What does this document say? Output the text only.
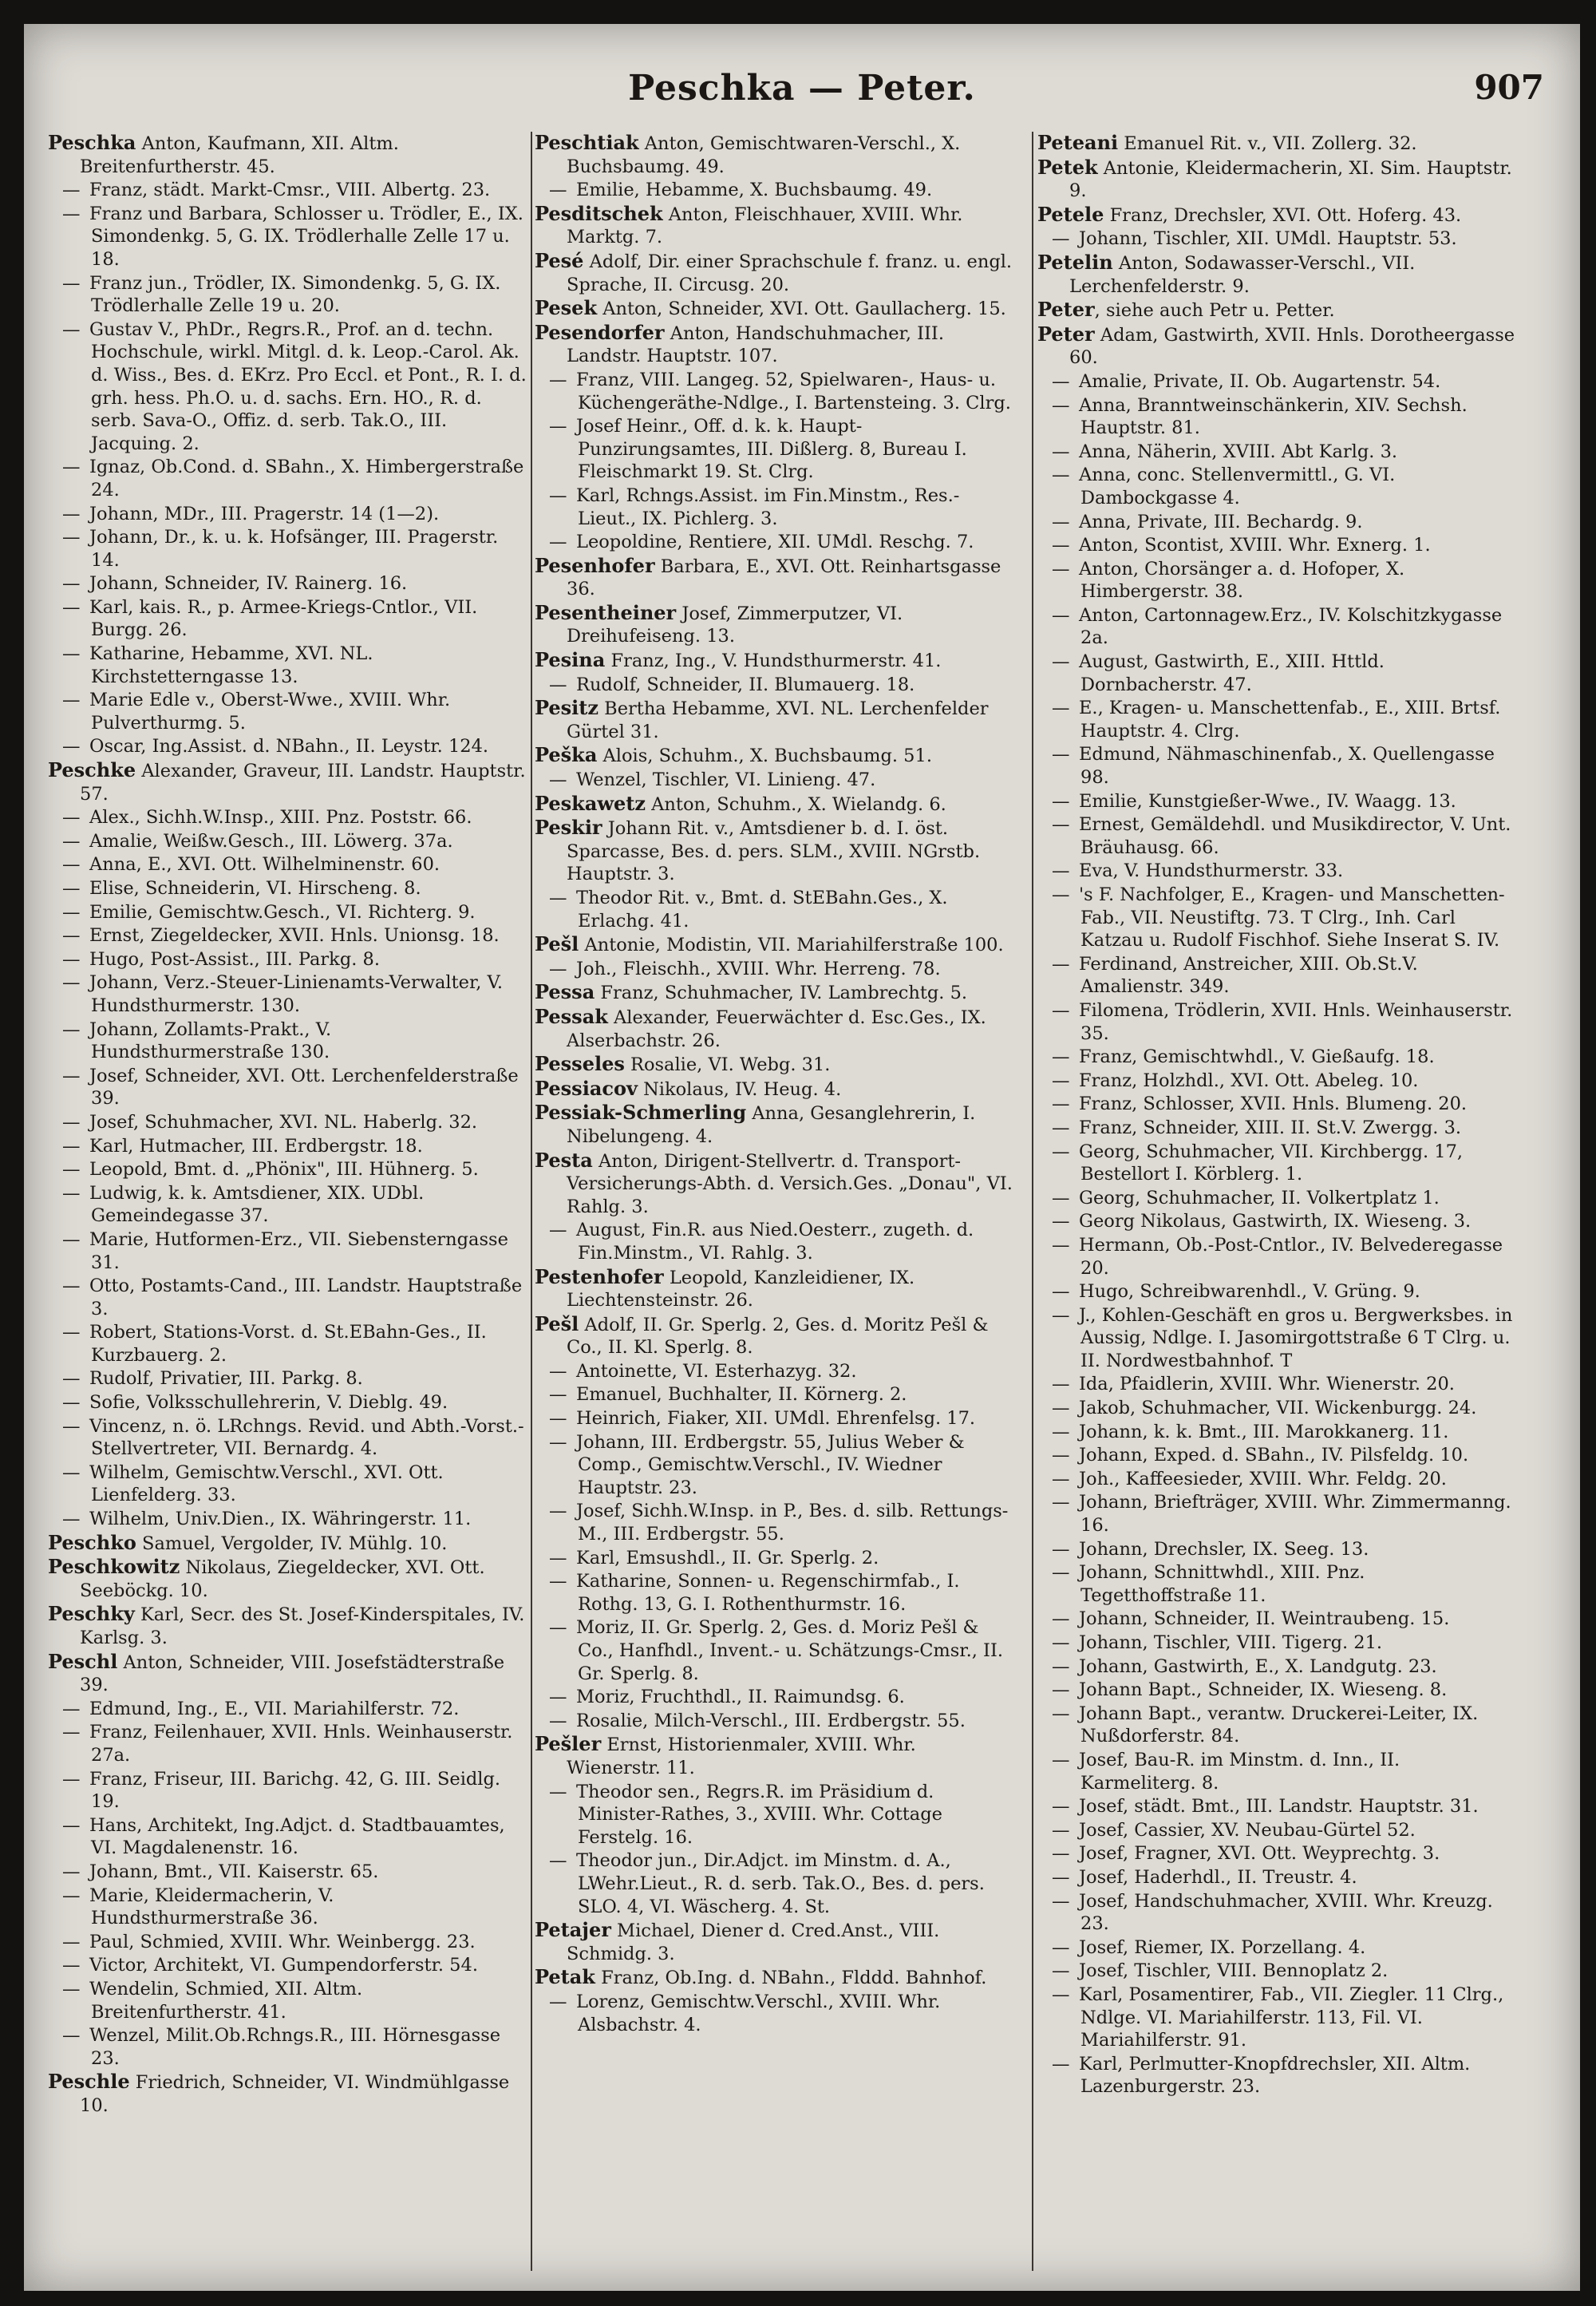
Peschka — Peter.	907
Peschka Anton, Kaufmann, XII. Altm. Breitenfurtherstr. 45.
— Franz, städt. Markt-Cmsr., VIII. Albertg. 23.
— Franz und Barbara, Schlosser u. Trödler, E., IX. Simondenkg. 5, G. IX. Trödlerhalle Zelle 17 u. 18.
— Franz jun., Trödler, IX. Simondenkg. 5, G. IX. Trödlerhalle Zelle 19 u. 20.
— Gustav V., PhDr., Regrs.R., Prof. an d. techn. Hochschule, wirkl. Mitgl. d. k. Leop.-Carol. Ak. d. Wiss., Bes. d. EKrz. Pro Eccl. et Pont., R. I. d. grh. hess. Ph.O. u. d. sachs. Ern. HO., R. d. serb. Sava-O., Offiz. d. serb. Tak.O., III. Jacquing. 2.
— Ignaz, Ob.Cond. d. SBahn., X. Himbergerstraße 24.
— Johann, MDr., III. Pragerstr. 14 (1—2).
— Johann, Dr., k. u. k. Hofsänger, III. Pragerstr. 14.
— Johann, Schneider, IV. Rainerg. 16.
— Karl, kais. R., p. Armee-Kriegs-Cntlor., VII. Burgg. 26.
— Katharine, Hebamme, XVI. NL. Kirchstetterngasse 13.
— Marie Edle v., Oberst-Wwe., XVIII. Whr. Pulverthurmg. 5.
— Oscar, Ing.Assist. d. NBahn., II. Leystr. 124.
Peschke Alexander, Graveur, III. Landstr. Hauptstr. 57.
— Alex., Sichh.W.Insp., XIII. Pnz. Poststr. 66.
— Amalie, Weißw.Gesch., III. Löwerg. 37a.
— Anna, E., XVI. Ott. Wilhelminenstr. 60.
— Elise, Schneiderin, VI. Hirscheng. 8.
— Emilie, Gemischtw.Gesch., VI. Richterg. 9.
— Ernst, Ziegeldecker, XVII. Hnls. Unionsg. 18.
— Hugo, Post-Assist., III. Parkg. 8.
— Johann, Verz.-Steuer-Linienamts-Verwalter, V. Hundsthurmerstr. 130.
— Johann, Zollamts-Prakt., V. Hundsthurmerstraße 130.
— Josef, Schneider, XVI. Ott. Lerchenfelderstraße 39.
— Josef, Schuhmacher, XVI. NL. Haberlg. 32.
— Karl, Hutmacher, III. Erdbergstr. 18.
— Leopold, Bmt. d. „Phönix", III. Hühnerg. 5.
— Ludwig, k. k. Amtsdiener, XIX. UDbl. Gemeindegasse 37.
— Marie, Hutformen-Erz., VII. Siebensterngasse 31.
— Otto, Postamts-Cand., III. Landstr. Hauptstraße 3.
— Robert, Stations-Vorst. d. St.EBahn-Ges., II. Kurzbauerg. 2.
— Rudolf, Privatier, III. Parkg. 8.
— Sofie, Volksschullehrerin, V. Dieblg. 49.
— Vincenz, n. ö. LRchngs. Revid. und Abth.-Vorst.-Stellvertreter, VII. Bernardg. 4.
— Wilhelm, Gemischtw.Verschl., XVI. Ott. Lienfelderg. 33.
— Wilhelm, Univ.Dien., IX. Währingerstr. 11.
Peschko Samuel, Vergolder, IV. Mühlg. 10.
Peschkowitz Nikolaus, Ziegeldecker, XVI. Ott. Seeböckg. 10.
Peschky Karl, Secr. des St. Josef-Kinderspitales, IV. Karlsg. 3.
Peschl Anton, Schneider, VIII. Josefstädterstraße 39.
— Edmund, Ing., E., VII. Mariahilferstr. 72.
— Franz, Feilenhauer, XVII. Hnls. Weinhauserstr. 27a.
— Franz, Friseur, III. Barichg. 42, G. III. Seidlg. 19.
— Hans, Architekt, Ing.Adjct. d. Stadtbauamtes, VI. Magdalenenstr. 16.
— Johann, Bmt., VII. Kaiserstr. 65.
— Marie, Kleidermacherin, V. Hundsthurmerstraße 36.
— Paul, Schmied, XVIII. Whr. Weinbergg. 23.
— Victor, Architekt, VI. Gumpendorferstr. 54.
— Wendelin, Schmied, XII. Altm. Breitenfurtherstr. 41.
— Wenzel, Milit.Ob.Rchngs.R., III. Hörnesgasse 23.
Peschle Friedrich, Schneider, VI. Windmühlgasse 10.
Peschtiak Anton, Gemischtwaren-Verschl., X. Buchsbaumg. 49.
— Emilie, Hebamme, X. Buchsbaumg. 49.
Pesditschek Anton, Fleischhauer, XVIII. Whr. Marktg. 7.
Pesé Adolf, Dir. einer Sprachschule f. franz. u. engl. Sprache, II. Circusg. 20.
Pesek Anton, Schneider, XVI. Ott. Gaullacherg. 15.
Pesendorfer Anton, Handschuhmacher, III. Landstr. Hauptstr. 107.
— Franz, VIII. Langeg. 52, Spielwaren-, Haus- u. Küchengeräthe-Ndlge., I. Bartensteing. 3. Clrg.
— Josef Heinr., Off. d. k. k. Haupt-Punzirungsamtes, III. Dißlerg. 8, Bureau I. Fleischmarkt 19. St. Clrg.
— Karl, Rchngs.Assist. im Fin.Minstm., Res.-Lieut., IX. Pichlerg. 3.
— Leopoldine, Rentiere, XII. UMdl. Reschg. 7.
Pesenhofer Barbara, E., XVI. Ott. Reinhartsgasse 36.
Pesentheiner Josef, Zimmerputzer, VI. Dreihufeiseng. 13.
Pesina Franz, Ing., V. Hundsthurmerstr. 41.
— Rudolf, Schneider, II. Blumauerg. 18.
Pesitz Bertha Hebamme, XVI. NL. Lerchenfelder Gürtel 31.
Peška Alois, Schuhm., X. Buchsbaumg. 51.
— Wenzel, Tischler, VI. Linieng. 47.
Peskawetz Anton, Schuhm., X. Wielandg. 6.
Peskir Johann Rit. v., Amtsdiener b. d. I. öst. Sparcasse, Bes. d. pers. SLM., XVIII. NGrstb. Hauptstr. 3.
— Theodor Rit. v., Bmt. d. StEBahn.Ges., X. Erlachg. 41.
Pešl Antonie, Modistin, VII. Mariahilferstraße 100.
— Joh., Fleischh., XVIII. Whr. Herreng. 78.
Pessa Franz, Schuhmacher, IV. Lambrechtg. 5.
Pessak Alexander, Feuerwächter d. Esc.Ges., IX. Alserbachstr. 26.
Pesseles Rosalie, VI. Webg. 31.
Pessiacov Nikolaus, IV. Heug. 4.
Pessiak-Schmerling Anna, Gesanglehrerin, I. Nibelungeng. 4.
Pesta Anton, Dirigent-Stellvertr. d. Transport-Versicherungs-Abth. d. Versich.Ges. „Donau", VI. Rahlg. 3.
— August, Fin.R. aus Nied.Oesterr., zugeth. d. Fin.Minstm., VI. Rahlg. 3.
Pestenhofer Leopold, Kanzleidiener, IX. Liechtensteinstr. 26.
Pešl Adolf, II. Gr. Sperlg. 2, Ges. d. Moritz Pešl & Co., II. Kl. Sperlg. 8.
— Antoinette, VI. Esterhazyg. 32.
— Emanuel, Buchhalter, II. Körnerg. 2.
— Heinrich, Fiaker, XII. UMdl. Ehrenfelsg. 17.
— Johann, III. Erdbergstr. 55, Julius Weber & Comp., Gemischtw.Verschl., IV. Wiedner Hauptstr. 23.
— Josef, Sichh.W.Insp. in P., Bes. d. silb. Rettungs-M., III. Erdbergstr. 55.
— Karl, Emsushdl., II. Gr. Sperlg. 2.
— Katharine, Sonnen- u. Regenschirmfab., I. Rothg. 13, G. I. Rothenthurmstr. 16.
— Moriz, II. Gr. Sperlg. 2, Ges. d. Moriz Pešl & Co., Hanfhdl., Invent.- u. Schätzungs-Cmsr., II. Gr. Sperlg. 8.
— Moriz, Fruchthdl., II. Raimundsg. 6.
— Rosalie, Milch-Verschl., III. Erdbergstr. 55.
Pešler Ernst, Historienmaler, XVIII. Whr. Wienerstr. 11.
— Theodor sen., Regrs.R. im Präsidium d. Minister-Rathes, 3., XVIII. Whr. Cottage Ferstelg. 16.
— Theodor jun., Dir.Adjct. im Minstm. d. A., LWehr.Lieut., R. d. serb. Tak.O., Bes. d. pers. SLO. 4, VI. Wäscherg. 4. St.
Petajer Michael, Diener d. Cred.Anst., VIII. Schmidg. 3.
Petak Franz, Ob.Ing. d. NBahn., Flddd. Bahnhof.
— Lorenz, Gemischtw.Verschl., XVIII. Whr. Alsbachstr. 4.
Peteani Emanuel Rit. v., VII. Zollerg. 32.
Petek Antonie, Kleidermacherin, XI. Sim. Hauptstr. 9.
Petele Franz, Drechsler, XVI. Ott. Hoferg. 43.
— Johann, Tischler, XII. UMdl. Hauptstr. 53.
Petelin Anton, Sodawasser-Verschl., VII. Lerchenfelderstr. 9.
Peter, siehe auch Petr u. Petter.
Peter Adam, Gastwirth, XVII. Hnls. Dorotheergasse 60.
— Amalie, Private, II. Ob. Augartenstr. 54.
— Anna, Branntweinschänkerin, XIV. Sechsh. Hauptstr. 81.
— Anna, Näherin, XVIII. Abt Karlg. 3.
— Anna, conc. Stellenvermittl., G. VI. Dambockgasse 4.
— Anna, Private, III. Bechardg. 9.
— Anton, Scontist, XVIII. Whr. Exnerg. 1.
— Anton, Chorsänger a. d. Hofoper, X. Himbergerstr. 38.
— Anton, Cartonnagew.Erz., IV. Kolschitzkygasse 2a.
— August, Gastwirth, E., XIII. Httld. Dornbacherstr. 47.
— E., Kragen- u. Manschettenfab., E., XIII. Brtsf. Hauptstr. 4. Clrg.
— Edmund, Nähmaschinenfab., X. Quellengasse 98.
— Emilie, Kunstgießer-Wwe., IV. Waagg. 13.
— Ernest, Gemäldehdl. und Musikdirector, V. Unt. Bräuhausg. 66.
— Eva, V. Hundsthurmerstr. 33.
— 's F. Nachfolger, E., Kragen- und Manschetten-Fab., VII. Neustiftg. 73. T Clrg., Inh. Carl Katzau u. Rudolf Fischhof. Siehe Inserat S. IV.
— Ferdinand, Anstreicher, XIII. Ob.St.V. Amalienstr. 349.
— Filomena, Trödlerin, XVII. Hnls. Weinhauserstr. 35.
— Franz, Gemischtwhdl., V. Gießaufg. 18.
— Franz, Holzhdl., XVI. Ott. Abeleg. 10.
— Franz, Schlosser, XVII. Hnls. Blumeng. 20.
— Franz, Schneider, XIII. II. St.V. Zwergg. 3.
— Georg, Schuhmacher, VII. Kirchbergg. 17, Bestellort I. Körblerg. 1.
— Georg, Schuhmacher, II. Volkertplatz 1.
— Georg Nikolaus, Gastwirth, IX. Wieseng. 3.
— Hermann, Ob.-Post-Cntlor., IV. Belvederegasse 20.
— Hugo, Schreibwarenhdl., V. Grüng. 9.
— J., Kohlen-Geschäft en gros u. Bergwerksbes. in Aussig, Ndlge. I. Jasomirgottstraße 6 T Clrg. u. II. Nordwestbahnhof. T
— Ida, Pfaidlerin, XVIII. Whr. Wienerstr. 20.
— Jakob, Schuhmacher, VII. Wickenburgg. 24.
— Johann, k. k. Bmt., III. Marokkanerg. 11.
— Johann, Exped. d. SBahn., IV. Pilsfeldg. 10.
— Joh., Kaffeesieder, XVIII. Whr. Feldg. 20.
— Johann, Briefträger, XVIII. Whr. Zimmermanng. 16.
— Johann, Drechsler, IX. Seeg. 13.
— Johann, Schnittwhdl., XIII. Pnz. Tegetthoffstraße 11.
— Johann, Schneider, II. Weintraubeng. 15.
— Johann, Tischler, VIII. Tigerg. 21.
— Johann, Gastwirth, E., X. Landgutg. 23.
— Johann Bapt., Schneider, IX. Wieseng. 8.
— Johann Bapt., verantw. Druckerei-Leiter, IX. Nußdorferstr. 84.
— Josef, Bau-R. im Minstm. d. Inn., II. Karmeliterg. 8.
— Josef, städt. Bmt., III. Landstr. Hauptstr. 31.
— Josef, Cassier, XV. Neubau-Gürtel 52.
— Josef, Fragner, XVI. Ott. Weyprechtg. 3.
— Josef, Haderhdl., II. Treustr. 4.
— Josef, Handschuhmacher, XVIII. Whr. Kreuzg. 23.
— Josef, Riemer, IX. Porzellang. 4.
— Josef, Tischler, VIII. Bennoplatz 2.
— Karl, Posamentirer, Fab., VII. Ziegler. 11 Clrg., Ndlge. VI. Mariahilferstr. 113, Fil. VI. Mariahilferstr. 91.
— Karl, Perlmutter-Knopfdrechsler, XII. Altm. Lazenburgerstr. 23.
